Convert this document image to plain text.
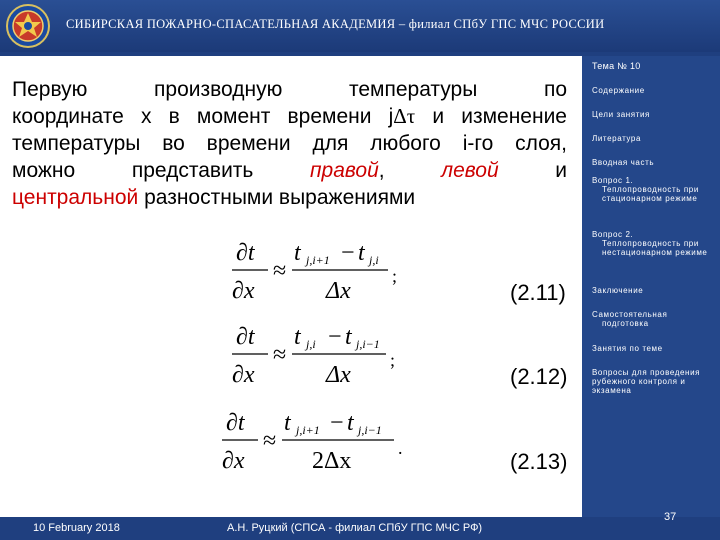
СИБИРСКАЯ ПОЖАРНО-СПАСАТЕЛЬНАЯ АКАДЕМИЯ – филиал СПбУ ГПС МЧС РОССИИ
Первую производную температуры по
координате x в момент времени jΔτ и изменение
температуры во времени для любого i-го слоя,
можно представить правой, левой и
центральной разностными выражениями
∂t
∂x
≈
t j,i+1 − t j,i
Δx
;
(2.11)
∂t
∂x
≈
t j,i − t j,i−1
Δx
;
(2.12)
∂t
∂x
≈
t j,i+1 − t j,i−1
2Δx	.
(2.13)
Тема № 10
Содержание
Цели занятия
Литература
Вводная часть
Вопрос 1.
Теплопроводность при стационарном режиме
Вопрос 2.
Теплопроводность при нестационарном режиме
Заключение
Самостоятельная
подготовка
Занятия по теме
Вопросы для проведения рубежного контроля и экзамена
10 February 2018	А.Н. Руцкий (СПСА - филиал СПбУ ГПС МЧС РФ)
37
